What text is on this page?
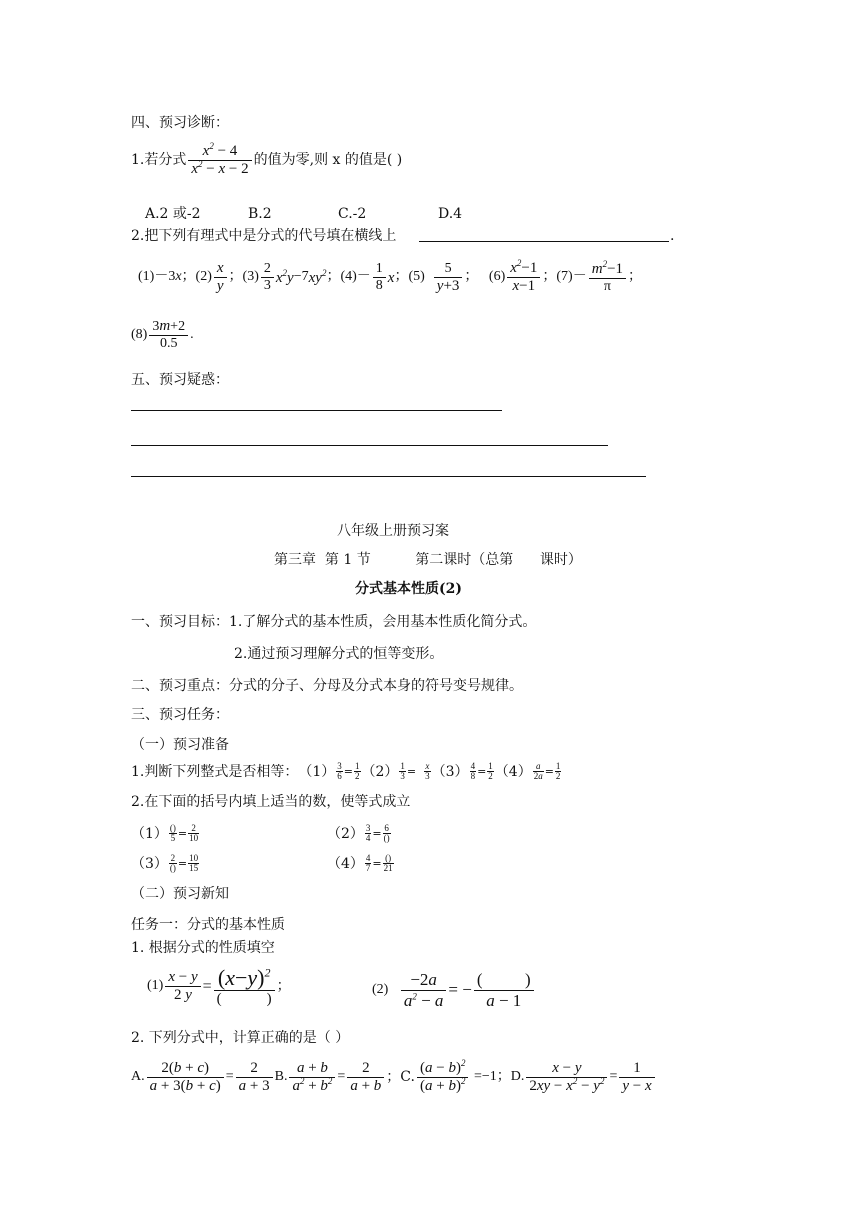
四、预习诊断：
1.若分式 $\frac{x^2 - 4}{x^2 - x - 2}$ 的值为零,则 x 的值是( )
A.2 或-2	B.2	C.-2	D.4
2.把下列有理式中是分式的代号填在横线上	.
(1)－3x；$(2) \frac{x}{y}$ ；$(3) \frac{2}{3} x^2y -7$ $xy^2$ ；$(4)- \frac{1}{8}$ x ；$(5) \frac{5}{y+3}$ ；   $(6) \frac{x^2-1}{x-1}$ ；$(7)- \frac{m^2-1}{\pi}$ ；
$(8) \frac{3m+2}{0.5}$ .
五、预习疑惑：
八年级上册预习案
第三章  第 1 节          第二课时（总第      课时）
分式基本性质(2)
一、预习目标：1.了解分式的基本性质，会用基本性质化简分式。
2.通过预习理解分式的恒等变形。
二、预习重点：分式的分子、分母及分式本身的符号变号规律。
三、预习任务：
（一）预习准备
1.判断下列整式是否相等： $(1) \frac{3}{6} = \frac{1}{2} (2) \frac{1}{3} = \frac{x}{3} (3) \frac{4}{8} = \frac{1}{2} (4) \frac{a}{2a} = \frac{1}{2}$
2.在下面的括号内填上适当的数，使等式成立
$(1) \frac{()}{5} = \frac{2}{10}$	$(2) \frac{3}{4} = \frac{6}{()}$
$(3) \frac{2}{()} = \frac{10}{15}$	$(4) \frac{4}{7} = \frac{()}{21}$
（二）预习新知
任务一：分式的基本性质
1. 根据分式的性质填空
$(1) \frac{x - y}{2 y} = \frac{(x-y)^2}{( )}$ ；	$(2) \frac{-2a}{a^2 - a}$ = − $\frac{( )}{a - 1}$
2. 下列分式中，计算正确的是（ ）
A. $\frac{2(b + c)}{a + 3(b + c)} = \frac{2}{a + 3} B$. $\frac{a + b}{a^2 + b^2} = \frac{2}{a + b}$ ；C. $\frac{(a - b)^2}{(a + b)^2} =-1$；D. $\frac{x - y}{2xy - x^2 - y^2} = \frac{1}{y - x}$
